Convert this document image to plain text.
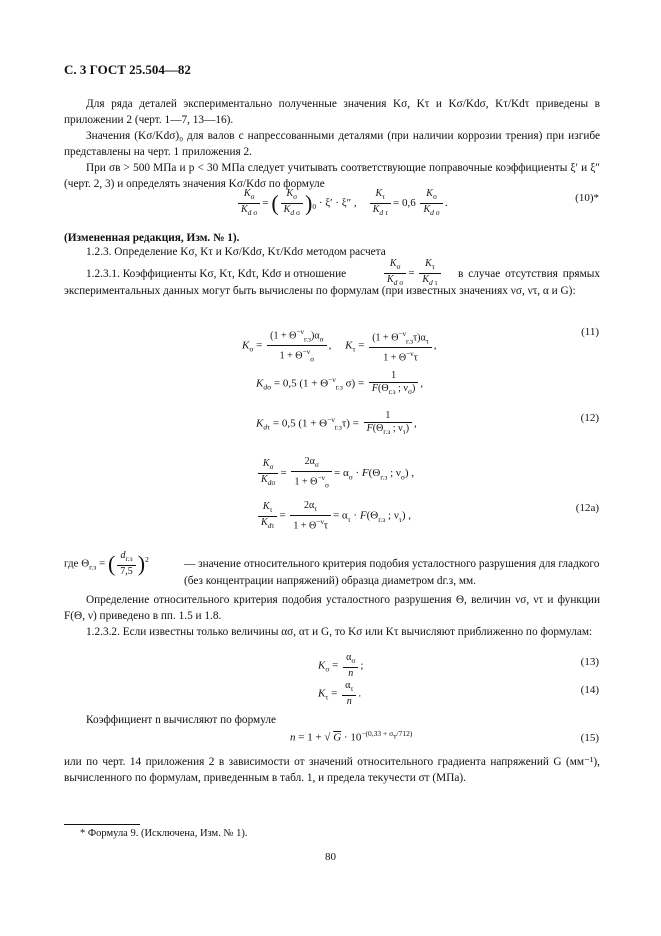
С. 3 ГОСТ 25.504—82

Для ряда деталей экспериментально полученные значения Kσ, Kτ и Kσ/Kdσ, Kτ/Kdτ приведены в приложении 2 (черт. 1—7, 13—16).

Значения (Kσ/Kdσ)₀ для валов с напрессованными деталями (при наличии коррозии трения) при изгибе представлены на черт. 1 приложения 2.

При σв > 500 МПа и p < 30 МПа следует учитывать соответствующие поправочные коэффициенты ξ′ и ξ″ (черт. 2, 3) и определять значения Kσ/Kdσ по формуле

$\frac{K_\sigma}{K_{d \sigma}}$ = ( $\frac{K_\sigma}{K_{d \sigma}} )_0 \cdot \xi' \cdot \xi''$ , $\frac{K_\tau}{K_{d \tau}} = 0,6 \frac{K_\sigma}{K_{d \sigma}}$ .	(10)*

(Измененная редакция, Изм. № 1).

1.2.3. Определение Kσ, Kτ и Kσ/Kdσ, Kτ/Kdσ методом расчета

1.2.3.1. Коэффициенты Kσ, Kτ, Kdτ, Kdσ и отношение	$\frac{K_\sigma}{K_{d \sigma}} = \frac{K_\tau}{K_{d \tau}}$	в случае отсутствия прямых экспериментальных данных могут быть вычислены по формулам (при известных значениях νσ, ντ, α и G):

$K_\sigma = \frac{(1 + \Theta^{-\nu}_{г.з})\alpha_\sigma}{1 + \Theta^{-\nu}_\sigma}$ ,     $K_\tau = \frac{(1 + \Theta^{-\nu}_{г.з}\tau)\alpha_\tau}{1 + \Theta^{-\nu}\tau}$ ,
(11)
$K_{d\sigma} = 0,5$ ($1 + \Theta^{-\nu}_{г.з}$ $\sigma) = \frac{1}{F(\Theta_{г.з} ; \nu_\sigma)}$ ,
$K_{d\tau} = 0,5$ $(1 + \Theta^{-\nu}_{г.з}\tau) = \frac{1}{F(\Theta_{г.з} ; \nu_\tau)}$ ,	(12)
$\frac{K_\sigma}{K_{d\sigma}} = \frac{2\alpha_\sigma}{1 + \Theta^{-\nu}_\sigma} = \alpha_\sigma \cdot F(\Theta_{г.з}$ ; $\nu_\sigma$) ,
$\frac{K_\tau}{K_{d\tau}} = \frac{2\alpha_\tau}{1 + \Theta^{-\nu}\tau} = \alpha_\tau \cdot F(\Theta_{г.з}$ ; $\nu_\tau$) ,
(12а)
где $\Theta_{г.з}$ = ( $\frac{d_{г.з}}{7,5} )^2$	— значение относительного критерия подобия усталостного разрушения для гладкого (без концентрации напряжений) образца диаметром dг.з, мм.

Определение относительного критерия подобия усталостного разрушения Θ, величин νσ, ντ и функции F(Θ, ν) приведено в пп. 1.5 и 1.8.

1.2.3.2. Если известны только величины ασ, ατ и G, то Kσ или Kτ вычисляют приближенно по формулам:

$K_\sigma = \frac{\alpha_\sigma}{n}$ ;	(13)
$K_\tau = \frac{\alpha_\tau}{n}$ .	(14)

Коэффициент n вычисляют по формуле

n = 1 + √ $G \cdot 10^{-(0,33 + \sigma_т/712)}$	(15)

или по черт. 14 приложения 2 в зависимости от значений относительного градиента напряжений G (мм⁻¹), вычисленного по формулам, приведенным в табл. 1, и предела текучести σт (МПа).

* Формула 9. (Исключена, Изм. № 1).
80
